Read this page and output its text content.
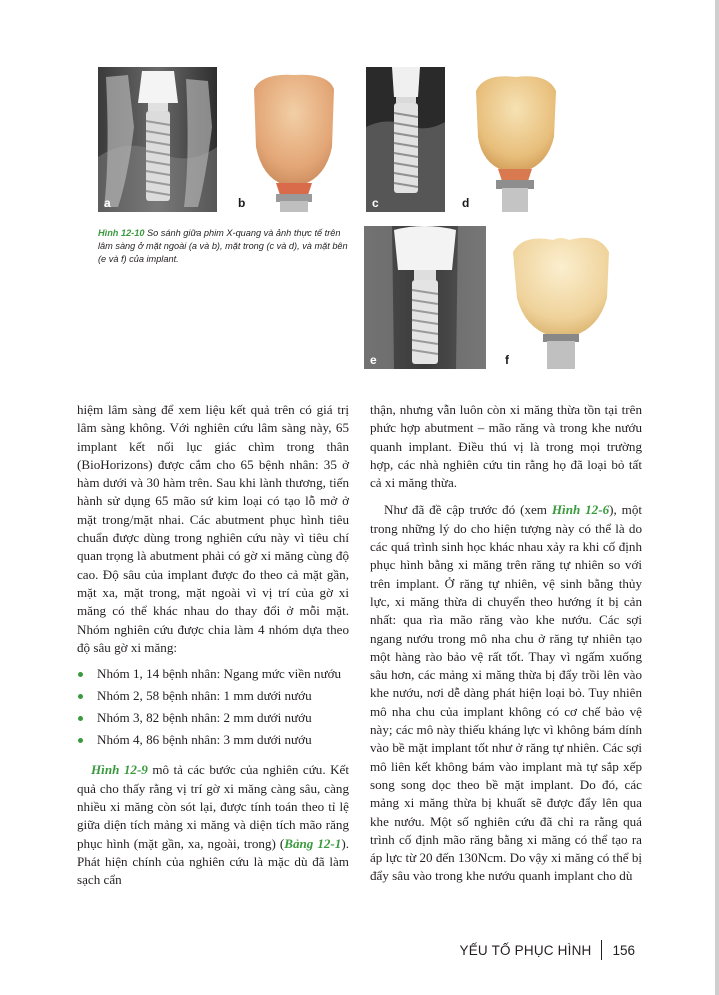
a	b	c	d

Hình 12-10 So sánh giữa phim X-quang và ảnh thực tế trên lâm sàng ở mặt ngoài (a và b), mặt trong (c và d), và mặt bên (e và f) của implant.

e	f

hiệm lâm sàng để xem liệu kết quả trên có giá trị lâm sàng không. Với nghiên cứu lâm sàng này, 65 implant kết nối lục giác chìm trong thân (BioHorizons) được cắm cho 65 bệnh nhân: 35 ở hàm dưới và 30 hàm trên. Sau khi lành thương, tiến hành sử dụng 65 mão sứ kim loại có tạo lỗ mở ở mặt trong/mặt nhai. Các abutment phục hình tiêu chuẩn được dùng trong nghiên cứu này vì tiêu chí quan trọng là abutment phải có gờ xi măng cùng độ cao. Độ sâu của implant được đo theo cả mặt gần, mặt xa, mặt trong, mặt ngoài vì vị trí của gờ xi măng có thể khác nhau do thay đổi ở mỗi mặt. Nhóm nghiên cứu được chia làm 4 nhóm dựa theo độ sâu gờ xi măng:

Nhóm 1, 14 bệnh nhân: Ngang mức viền nướu
Nhóm 2, 58 bệnh nhân: 1 mm dưới nướu
Nhóm 3, 82 bệnh nhân: 2 mm dưới nướu
Nhóm 4, 86 bệnh nhân: 3 mm dưới nướu

Hình 12-9 mô tả các bước của nghiên cứu. Kết quả cho thấy rằng vị trí gờ xi măng càng sâu, càng nhiều xi măng còn sót lại, được tính toán theo tỉ lệ giữa diện tích mảng xi măng và diện tích mão răng phục hình (mặt gần, xa, ngoài, trong) (Bảng 12-1). Phát hiện chính của nghiên cứu là mặc dù đã làm sạch cẩn

thận, nhưng vẫn luôn còn xi măng thừa tồn tại trên phức hợp abutment – mão răng và trong khe nướu quanh implant. Điều thú vị là trong mọi trường hợp, các nhà nghiên cứu tin rằng họ đã loại bỏ tất cả xi măng thừa.

Như đã đề cập trước đó (xem Hình 12-6), một trong những lý do cho hiện tượng này có thể là do các quá trình sinh học khác nhau xảy ra khi cố định phục hình bằng xi măng trên răng tự nhiên so với trên implant. Ở răng tự nhiên, vệ sinh bằng thủy lực, xi măng thừa di chuyển theo hướng ít bị cản nhất: qua rìa mão răng vào khe nướu. Các sợi ngang nướu trong mô nha chu ở răng tự nhiên tạo một hàng rào bảo vệ rất tốt. Thay vì ngấm xuống sâu hơn, các mảng xi măng thừa bị đẩy trồi lên vào khe nướu, nơi dễ dàng phát hiện loại bỏ. Tuy nhiên mô nha chu của implant không có cơ chế bảo vệ này; các mô này thiếu kháng lực vì không bám dính vào bề mặt implant tốt như ở răng tự nhiên. Các sợi mô liên kết không bám vào implant mà tự sắp xếp song song dọc theo bề mặt implant. Do đó, các mảng xi măng thừa bị khuất sẽ được đẩy lên qua khe nướu. Một số nghiên cứu đã chỉ ra rằng quá trình cố định mão răng bằng xi măng có thể tạo ra áp lực từ 20 đến 130Ncm. Do vậy xi măng có thể bị đẩy sâu vào trong khe nướu quanh implant cho dù

YẾU TỐ PHỤC HÌNH 156
